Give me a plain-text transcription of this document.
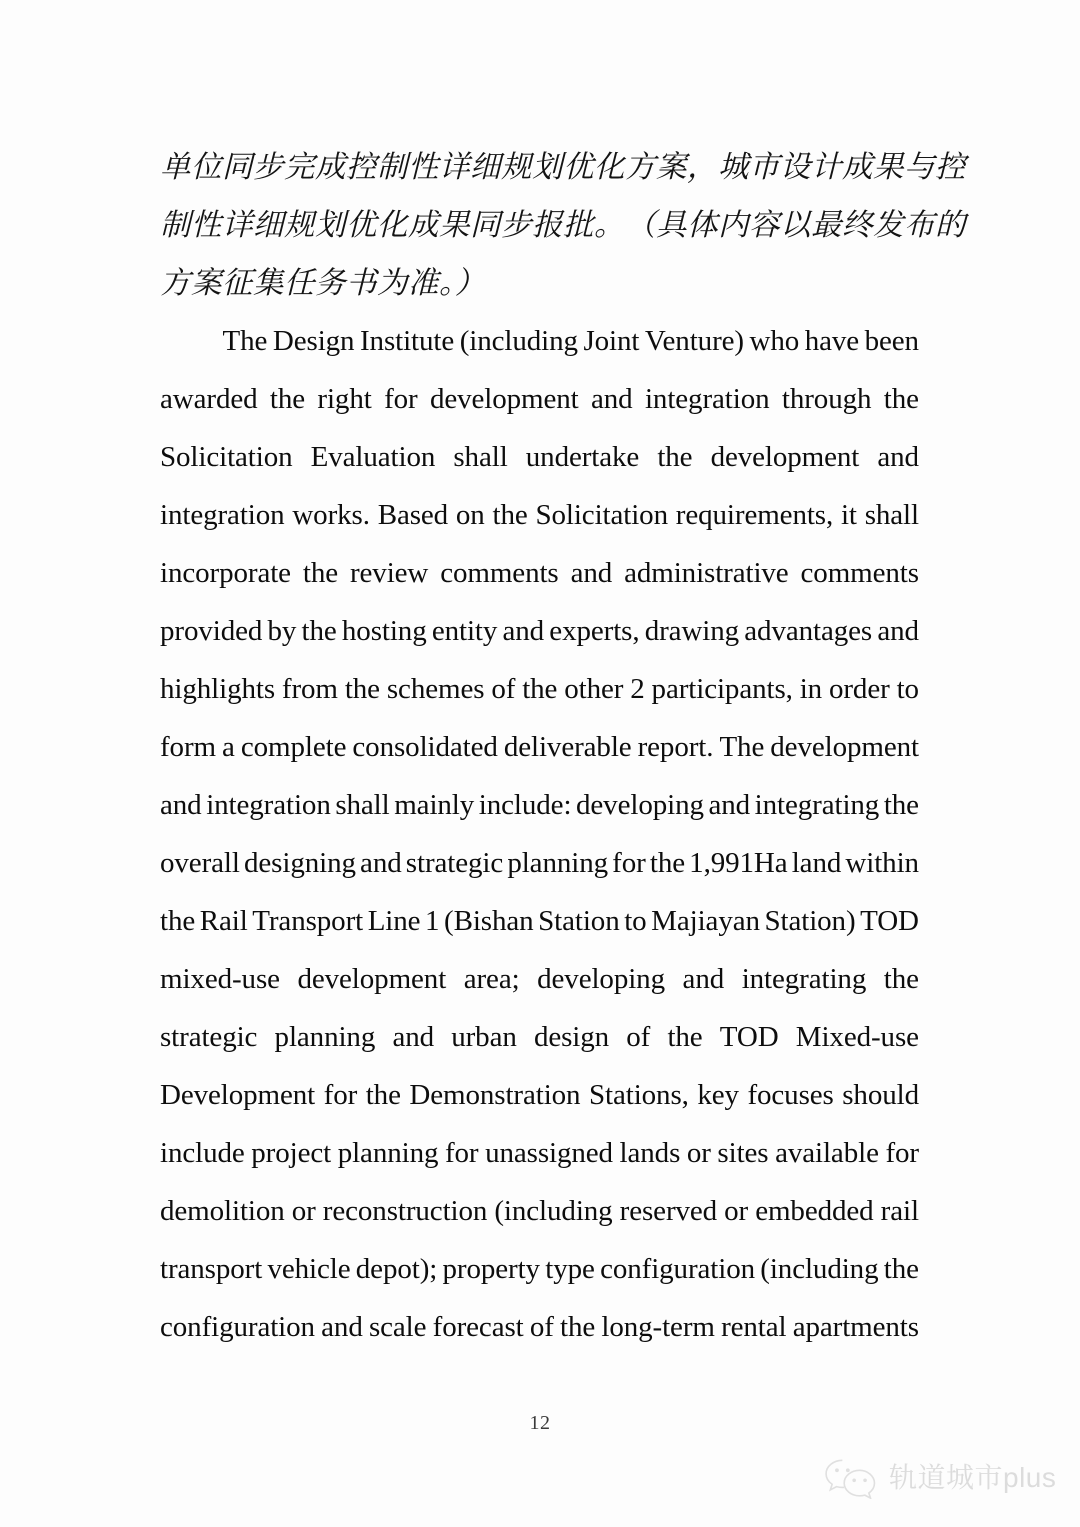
单 位 同 步 完 成 控 制 性 详 细 规 划 优 化 方 案 ， 城 市 设 计 成 果 与 控
制 性 详 细 规 划 优 化 成 果 同 步 报 批 。 （ 具 体 内 容 以 最 终 发 布 的
方案征集任务书为准。）

The Design Institute (including Joint Venture) who have been
awarded the right for development and integration through the
Solicitation Evaluation shall undertake the development and
integration works. Based on the Solicitation requirements, it shall
incorporate the review comments and administrative comments
provided by the hosting entity and experts, drawing advantages and
highlights from the schemes of the other 2 participants, in order to
form a complete consolidated deliverable report. The development
and integration shall mainly include: developing and integrating the
overall designing and strategic planning for the 1,991Ha land within
the Rail Transport Line 1 (Bishan Station to Majiayan Station) TOD
mixed-use development area; developing and integrating the
strategic planning and urban design of the TOD Mixed-use
Development for the Demonstration Stations, key focuses should
include project planning for unassigned lands or sites available for
demolition or reconstruction (including reserved or embedded rail
transport vehicle depot); property type configuration (including the
configuration and scale forecast of the long-term rental apartments
12
轨道城市plus
